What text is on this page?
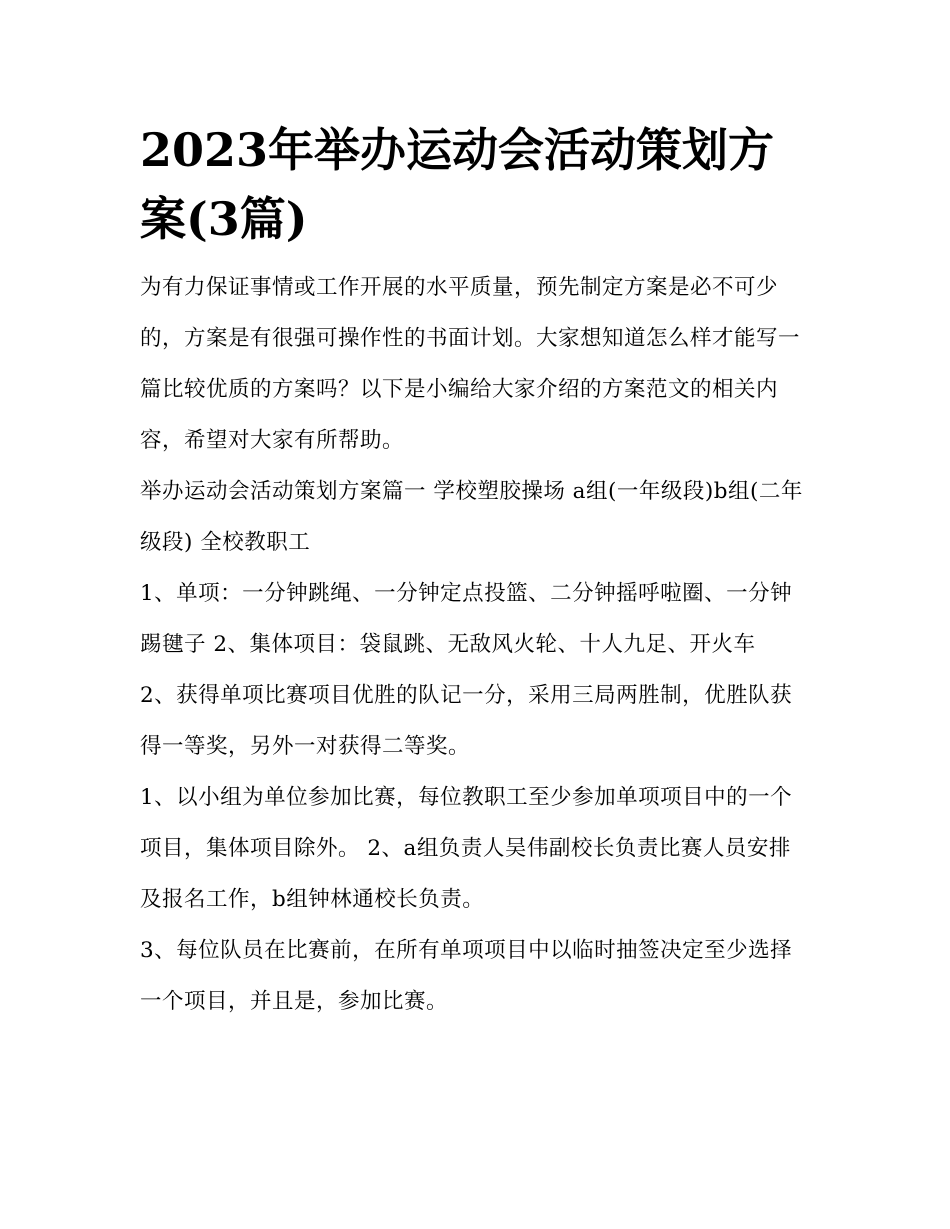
2023年举办运动会活动策划方案(3篇)

为有力保证事情或工作开展的水平质量，预先制定方案是必不可少的，方案是有很强可操作性的书面计划。大家想知道怎么样才能写一篇比较优质的方案吗？以下是小编给大家介绍的方案范文的相关内容，希望对大家有所帮助。

举办运动会活动策划方案篇一 学校塑胶操场 a组(一年级段)b组(二年级段) 全校教职工

1、单项：一分钟跳绳、一分钟定点投篮、二分钟摇呼啦圈、一分钟踢毽子 2、集体项目：袋鼠跳、无敌风火轮、十人九足、开火车

2、获得单项比赛项目优胜的队记一分，采用三局两胜制，优胜队获得一等奖，另外一对获得二等奖。

1、以小组为单位参加比赛，每位教职工至少参加单项项目中的一个项目，集体项目除外。 2、a组负责人吴伟副校长负责比赛人员安排及报名工作，b组钟林通校长负责。

3、每位队员在比赛前，在所有单项项目中以临时抽签决定至少选择一个项目，并且是，参加比赛。
